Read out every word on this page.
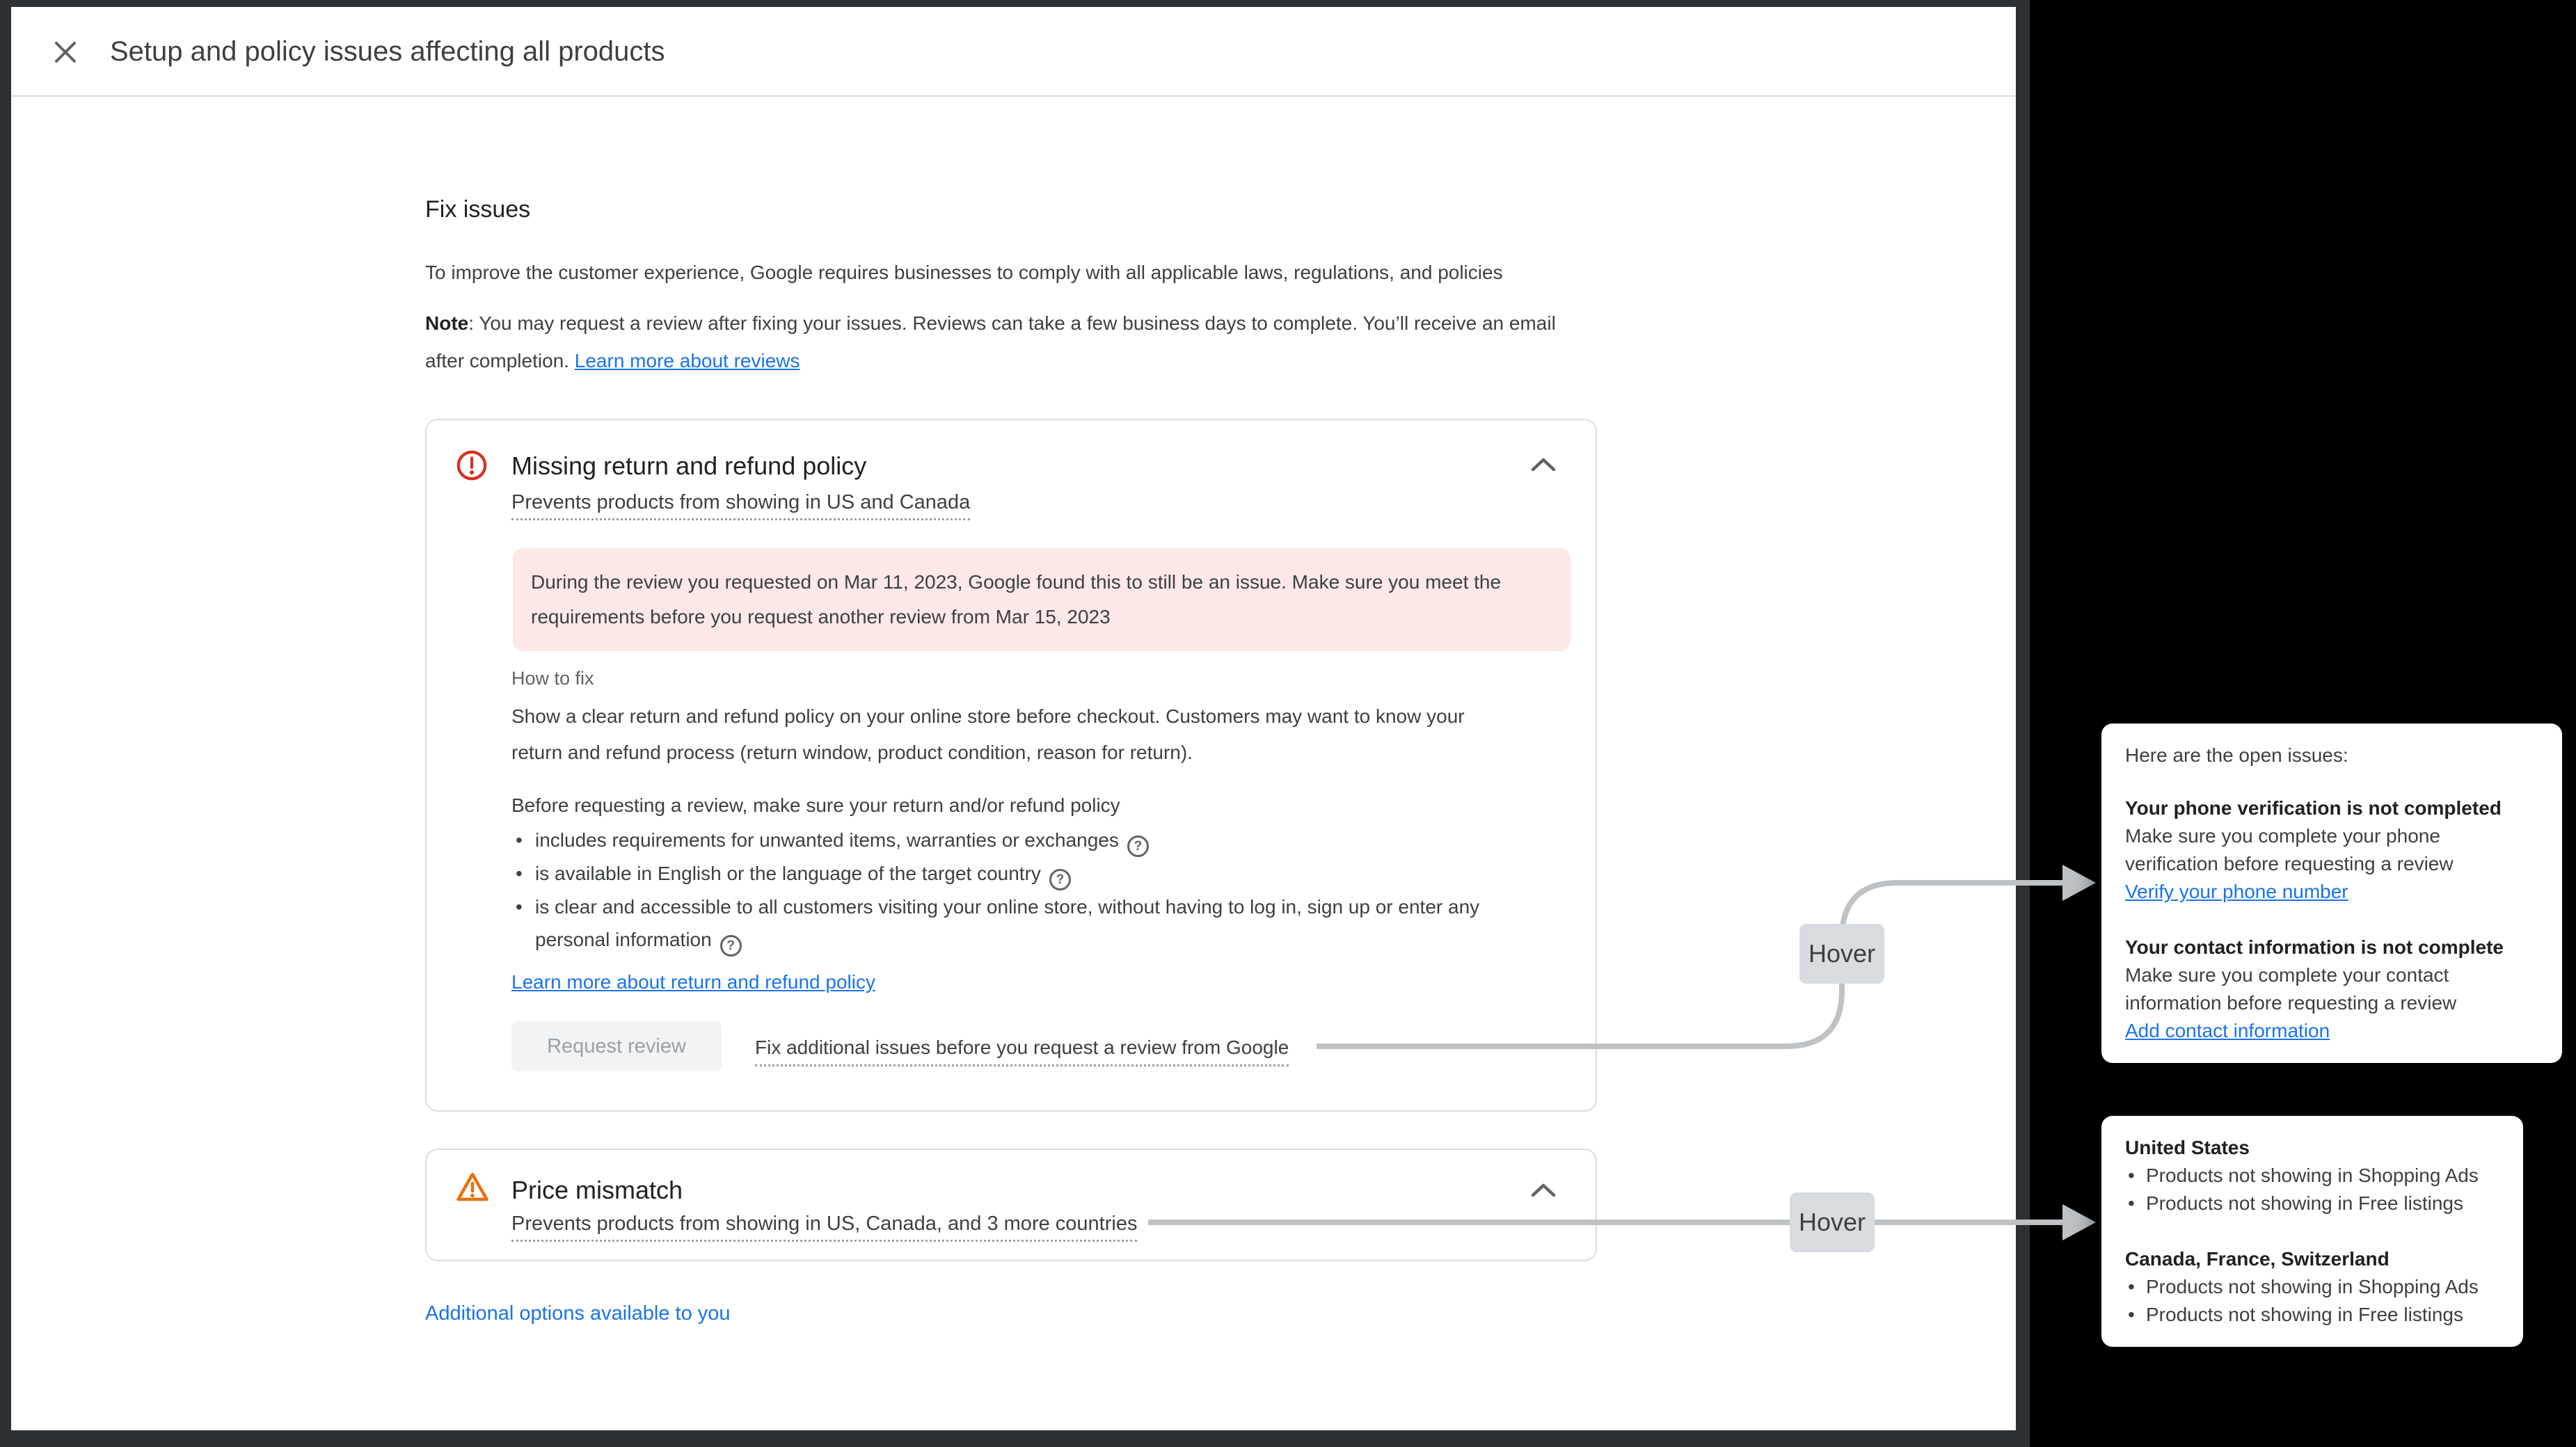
Setup and policy issues affecting all products
Fix issues
To improve the customer experience, Google requires businesses to comply with all applicable laws, regulations, and policies
Note: You may request a review after fixing your issues. Reviews can take a few business days to complete. You’ll receive an email
after completion. Learn more about reviews
Missing return and refund policy
Prevents products from showing in US and Canada
During the review you requested on Mar 11, 2023, Google found this to still be an issue. Make sure you meet the requirements before you request another review from Mar 15, 2023
How to fix
Show a clear return and refund policy on your online store before checkout. Customers may want to know your return and refund process (return window, product condition, reason for return).
Before requesting a review, make sure your return and/or refund policy
• includes requirements for unwanted items, warranties or exchanges ?
• is available in English or the language of the target country ?
• is clear and accessible to all customers visiting your online store, without having to log in, sign up or enter any personal information ?
Learn more about return and refund policy
Request review	Fix additional issues before you request a review from Google
Price mismatch
Prevents products from showing in US, Canada, and 3 more countries
Additional options available to you
Hover
Hover
Here are the open issues:
Your phone verification is not completed
Make sure you complete your phone verification before requesting a review
Verify your phone number
Your contact information is not complete
Make sure you complete your contact information before requesting a review
Add contact information
United States
• Products not showing in Shopping Ads
• Products not showing in Free listings
Canada, France, Switzerland
• Products not showing in Shopping Ads
• Products not showing in Free listings
